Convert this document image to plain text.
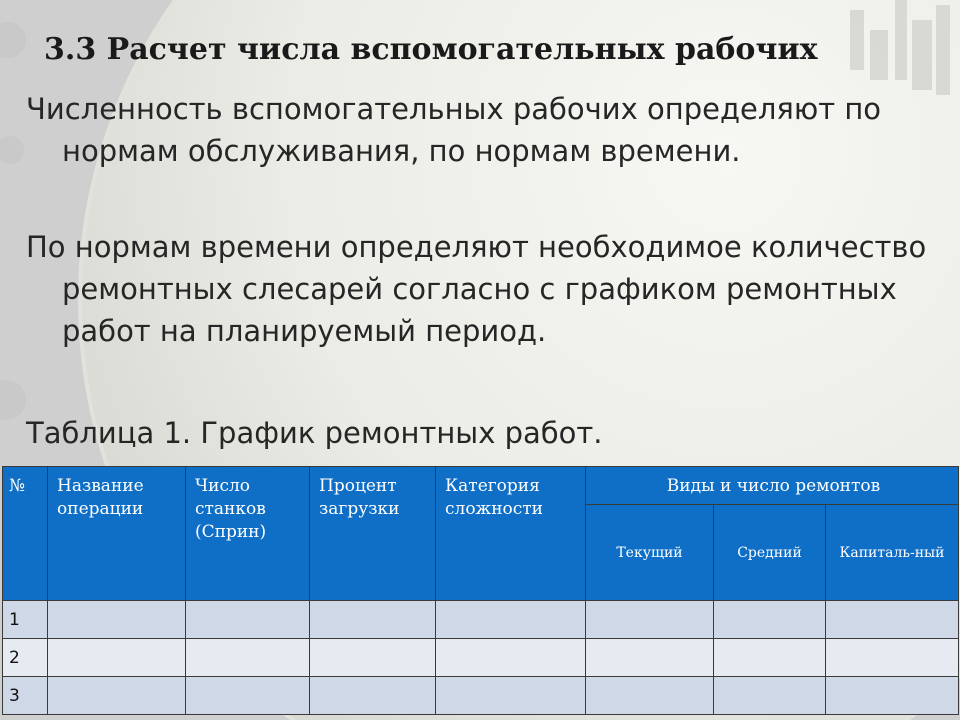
3.3 Расчет числа вспомогательных рабочих
Численность вспомогательных рабочих определяют по нормам обслуживания, по нормам времени.
По нормам времени определяют необходимое количество ремонтных слесарей согласно с графиком ремонтных работ на планируемый период.
Таблица 1. График ремонтных работ.
№	Название операции	Число станков (Сприн)	Процент загрузки	Категория сложности	Виды и число ремонтов		
					Текущий	Средний	Капиталь-ный
1							
2							
3							
